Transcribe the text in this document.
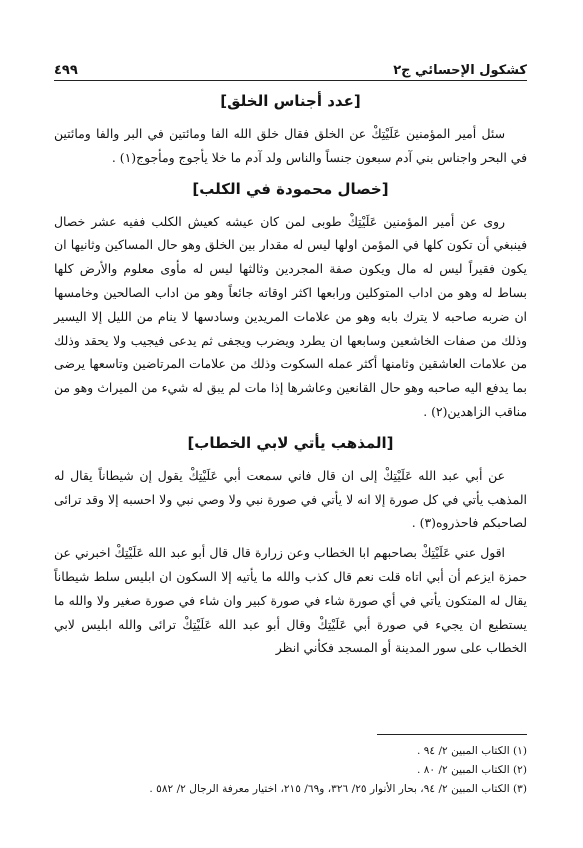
كشكول الإحسائي ج٢
٤٩٩
[عدد أجناس الخلق]

سئل أمير المؤمنين عَلَيْتِكْ عن الخلق فقال خلق الله الفا ومائتين في البر والفا ومائتين في البحر واجناس بني آدم سبعون جنساً والناس ولد آدم ما خلا يأجوج ومأجوج(١) .

[خصال محمودة في الكلب]

روى عن أمير المؤمنين عَلَيْتِكْ طوبى لمن كان عيشه كعيش الكلب ففيه عشر خصال فينبغي أن تكون كلها في المؤمن اولها ليس له مقدار بين الخلق وهو حال المساكين وثانيها ان يكون فقيراً ليس له مال ويكون صفة المجردين وثالثها ليس له مأوى معلوم والأرض كلها بساط له وهو من اداب المتوكلين ورابعها اكثر اوقاته جائعاً وهو من اداب الصالحين وخامسها ان ضربه صاحبه لا يترك بابه وهو من علامات المريدين وسادسها لا ينام من الليل إلا اليسير وذلك من صفات الخاشعين وسابعها ان يطرد ويضرب ويجفى ثم يدعى فيجيب ولا يحقد وذلك من علامات العاشقين وثامنها أكثر عمله السكوت وذلك من علامات المرتاضين وتاسعها يرضى بما يدفع اليه صاحبه وهو حال القانعين وعاشرها إذا مات لم يبق له شيء من الميراث وهو من مناقب الزاهدين(٢) .

[المذهب يأتي لابي الخطاب]

عن أبي عبد الله عَلَيْتِكْ إلى ان قال فاني سمعت أبي عَلَيْتِكْ يقول إن شيطاناً يقال له المذهب يأتي في كل صورة إلا انه لا يأتي في صورة نبي ولا وصي نبي ولا احسبه إلا وقد ترائى لصاحبكم فاحذروه(٣) .

اقول عني عَلَيْتِكْ بصاحبهم ابا الخطاب وعن زرارة قال قال أبو عبد الله عَلَيْتِكْ اخبرني عن حمزة ايزعم أن أبي اتاه قلت نعم قال كذب والله ما يأتيه إلا السكون ان ابليس سلط شيطاناً يقال له المتكون يأتي في أي صورة شاء في صورة كبير وان شاء في صورة صغير ولا والله ما يستطيع ان يجيء في صورة أبي عَلَيْتِكْ وقال أبو عبد الله عَلَيْتِكْ ترائى والله ابليس لابي الخطاب على سور المدينة أو المسجد فكأني انظر

(١) الكتاب المبين ٢/ ٩٤ .
(٢) الكتاب المبين ٢/ ٨٠ .
(٣) الكتاب المبين ٢/ ٩٤، بحار الأنوار ٢٥/ ٣٢٦، و٦٩/ ٢١٥، اختيار معرفة الرجال ٢/ ٥٨٢ .
